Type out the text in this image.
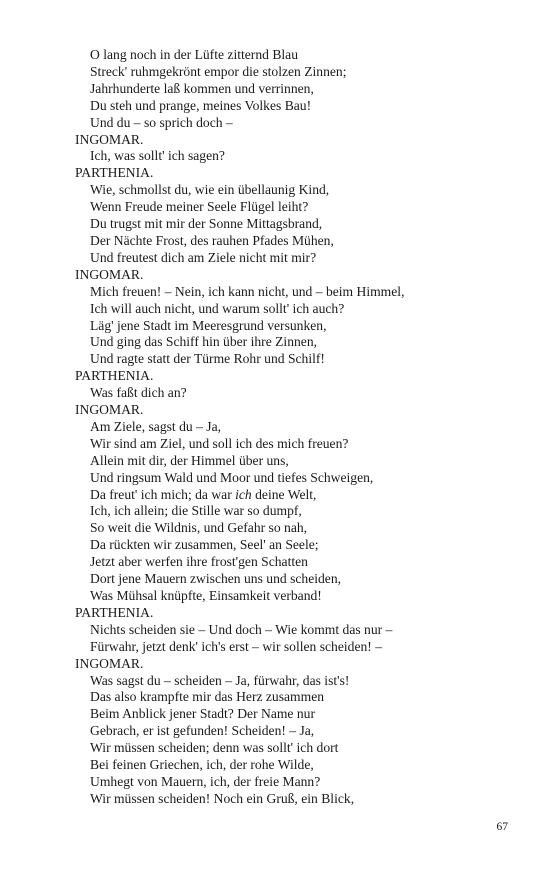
O lang noch in der Lüfte zitternd Blau
Streck' ruhmgekrönt empor die stolzen Zinnen;
Jahrhunderte laß kommen und verrinnen,
Du steh und prange, meines Volkes Bau!
Und du – so sprich doch –
INGOMAR.
Ich, was sollt' ich sagen?
PARTHENIA.
Wie, schmollst du, wie ein übellaunig Kind,
Wenn Freude meiner Seele Flügel leiht?
Du trugst mit mir der Sonne Mittagsbrand,
Der Nächte Frost, des rauhen Pfades Mühen,
Und freutest dich am Ziele nicht mit mir?
INGOMAR.
Mich freuen! – Nein, ich kann nicht, und – beim Himmel,
Ich will auch nicht, und warum sollt' ich auch?
Läg' jene Stadt im Meeresgrund versunken,
Und ging das Schiff hin über ihre Zinnen,
Und ragte statt der Türme Rohr und Schilf!
PARTHENIA.
Was faßt dich an?
INGOMAR.
Am Ziele, sagst du – Ja,
Wir sind am Ziel, und soll ich des mich freuen?
Allein mit dir, der Himmel über uns,
Und ringsum Wald und Moor und tiefes Schweigen,
Da freut' ich mich; da war ich deine Welt,
Ich, ich allein; die Stille war so dumpf,
So weit die Wildnis, und Gefahr so nah,
Da rückten wir zusammen, Seel' an Seele;
Jetzt aber werfen ihre frost'gen Schatten
Dort jene Mauern zwischen uns und scheiden,
Was Mühsal knüpfte, Einsamkeit verband!
PARTHENIA.
Nichts scheiden sie – Und doch – Wie kommt das nur –
Fürwahr, jetzt denk' ich's erst – wir sollen scheiden! –
INGOMAR.
Was sagst du – scheiden – Ja, fürwahr, das ist's!
Das also krampfte mir das Herz zusammen
Beim Anblick jener Stadt? Der Name nur
Gebrach, er ist gefunden! Scheiden! – Ja,
Wir müssen scheiden; denn was sollt' ich dort
Bei feinen Griechen, ich, der rohe Wilde,
Umhegt von Mauern, ich, der freie Mann?
Wir müssen scheiden! Noch ein Gruß, ein Blick,
67
